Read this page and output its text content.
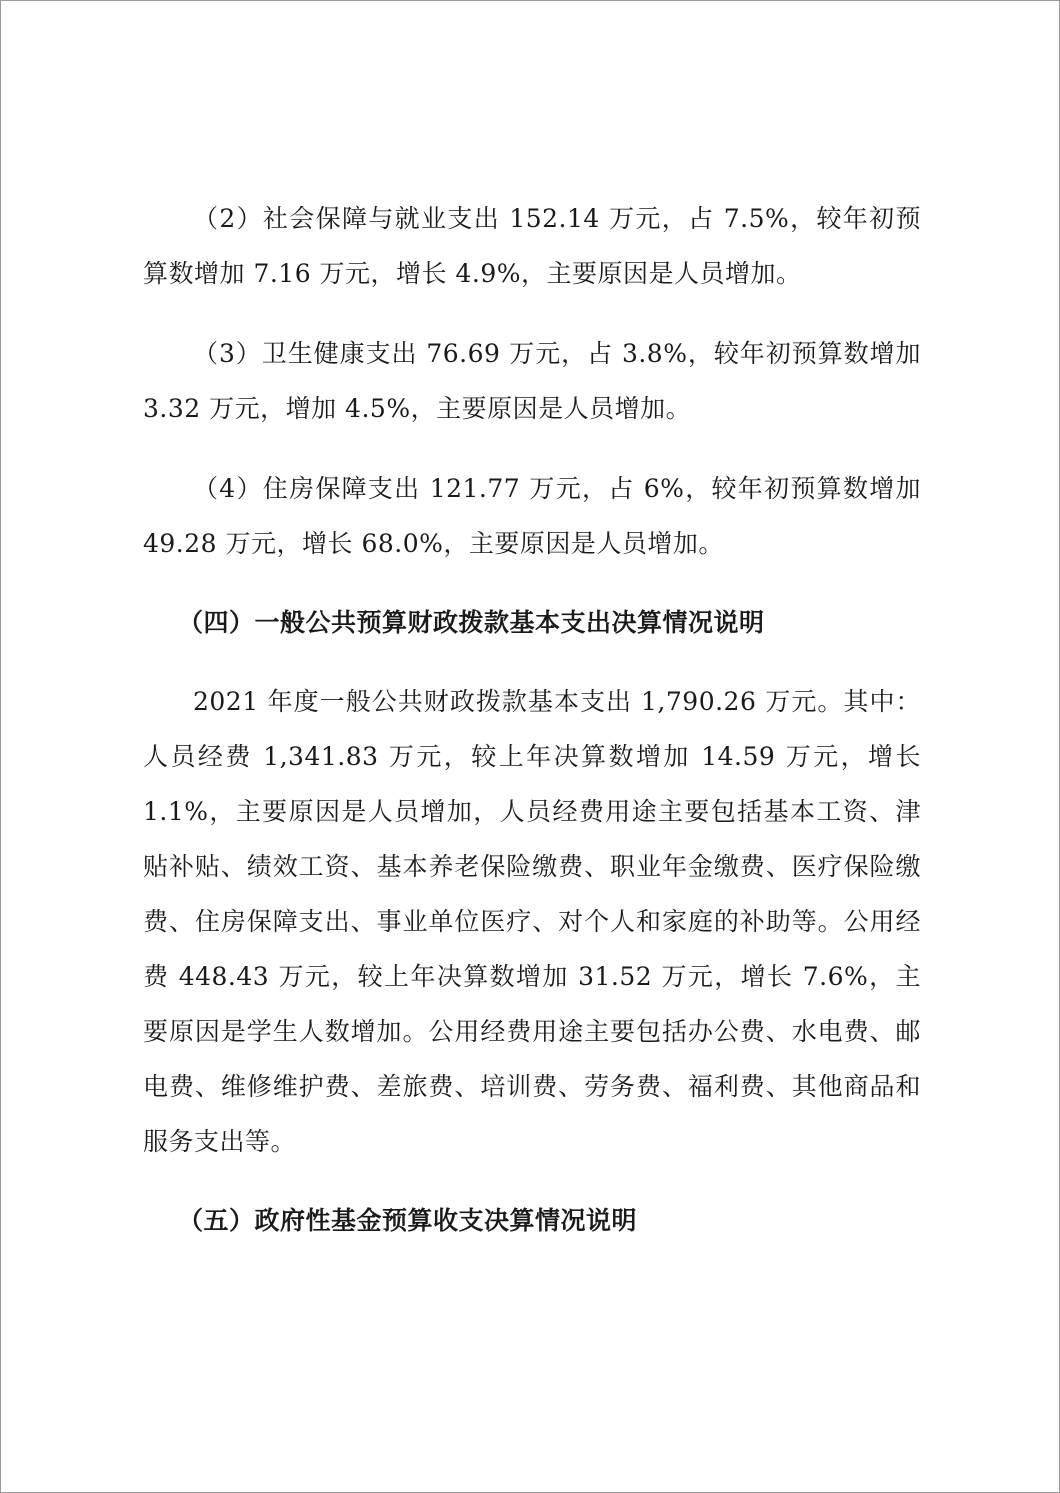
（2）社会保障与就业支出 152.14 万元，占 7.5%，较年初预算数增加 7.16 万元，增长 4.9%，主要原因是人员增加。

（3）卫生健康支出 76.69 万元，占 3.8%，较年初预算数增加 3.32 万元，增加 4.5%，主要原因是人员增加。

（4）住房保障支出 121.77 万元，占 6%，较年初预算数增加 49.28 万元，增长 68.0%，主要原因是人员增加。

（四）一般公共预算财政拨款基本支出决算情况说明

2021 年度一般公共财政拨款基本支出 1,790.26 万元。其中：人员经费 1,341.83 万元，较上年决算数增加 14.59 万元，增长 1.1%，主要原因是人员增加，人员经费用途主要包括基本工资、津贴补贴、绩效工资、基本养老保险缴费、职业年金缴费、医疗保险缴费、住房保障支出、事业单位医疗、对个人和家庭的补助等。公用经费 448.43 万元，较上年决算数增加 31.52 万元，增长 7.6%，主要原因是学生人数增加。公用经费用途主要包括办公费、水电费、邮电费、维修维护费、差旅费、培训费、劳务费、福利费、其他商品和服务支出等。

（五）政府性基金预算收支决算情况说明
